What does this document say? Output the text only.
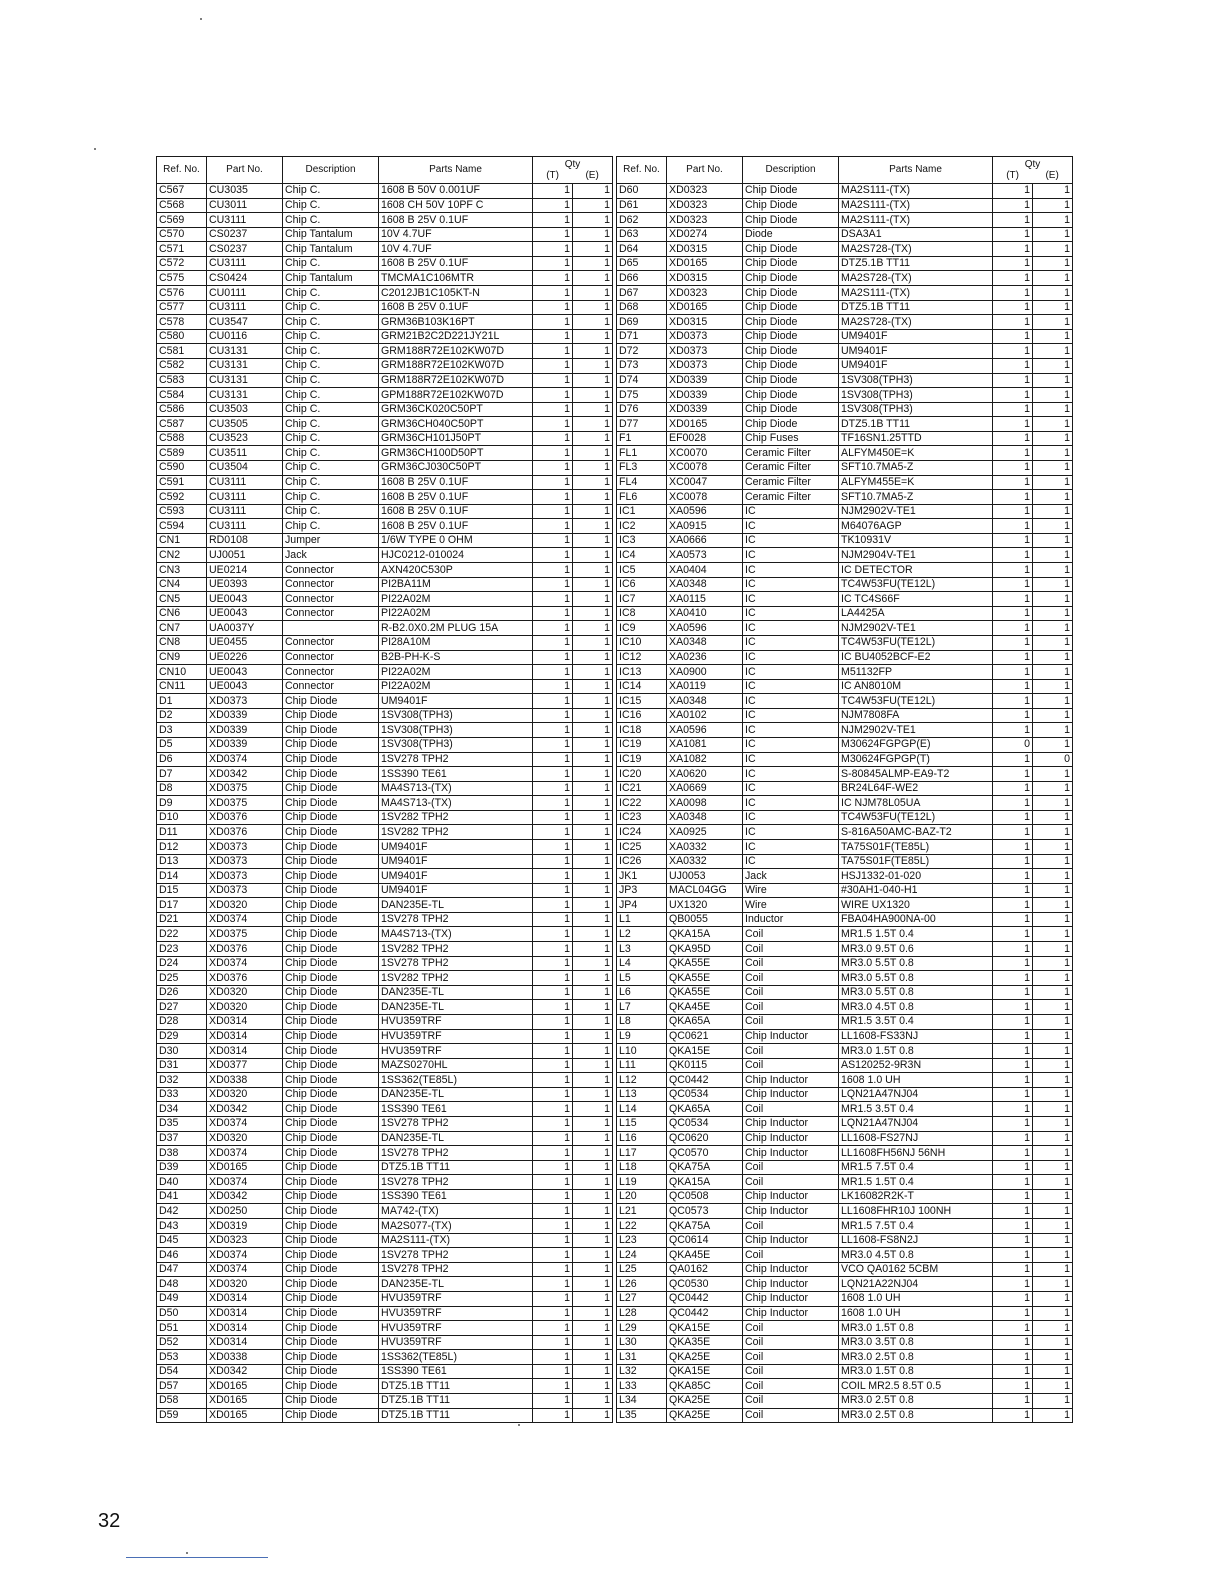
Ref. No.	Part No.	Description	Parts Name	Qty
(T) (E)	

C567	CU3035	Chip C.	1608 B 50V 0.001UF	1	1
C568	CU3011	Chip C.	1608 CH 50V 10PF C	1	1
C569	CU3111	Chip C.	1608 B 25V 0.1UF	1	1
C570	CS0237	Chip Tantalum	10V 4.7UF	1	1
C571	CS0237	Chip Tantalum	10V 4.7UF	1	1
C572	CU3111	Chip C.	1608 B 25V 0.1UF	1	1
C575	CS0424	Chip Tantalum	TMCMA1C106MTR	1	1
C576	CU0111	Chip C.	C2012JB1C105KT-N	1	1
C577	CU3111	Chip C.	1608 B 25V 0.1UF	1	1
C578	CU3547	Chip C.	GRM36B103K16PT	1	1
C580	CU0116	Chip C.	GRM21B2C2D221JY21L	1	1
C581	CU3131	Chip C.	GRM188R72E102KW07D	1	1
C582	CU3131	Chip C.	GRM188R72E102KW07D	1	1
C583	CU3131	Chip C.	GRM188R72E102KW07D	1	1
C584	CU3131	Chip C.	GPM188R72E102KW07D	1	1
C586	CU3503	Chip C.	GRM36CK020C50PT	1	1
C587	CU3505	Chip C.	GRM36CH040C50PT	1	1
C588	CU3523	Chip C.	GRM36CH101J50PT	1	1
C589	CU3511	Chip C.	GRM36CH100D50PT	1	1
C590	CU3504	Chip C.	GRM36CJ030C50PT	1	1
C591	CU3111	Chip C.	1608 B 25V 0.1UF	1	1
C592	CU3111	Chip C.	1608 B 25V 0.1UF	1	1
C593	CU3111	Chip C.	1608 B 25V 0.1UF	1	1
C594	CU3111	Chip C.	1608 B 25V 0.1UF	1	1
CN1	RD0108	Jumper	1/6W TYPE 0 OHM	1	1
CN2	UJ0051	Jack	HJC0212-010024	1	1
CN3	UE0214	Connector	AXN420C530P	1	1
CN4	UE0393	Connector	PI2BA11M	1	1
CN5	UE0043	Connector	PI22A02M	1	1
CN6	UE0043	Connector	PI22A02M	1	1
CN7	UA0037Y		R-B2.0X0.2M PLUG 15A	1	1
CN8	UE0455	Connector	PI28A10M	1	1
CN9	UE0226	Connector	B2B-PH-K-S	1	1
CN10	UE0043	Connector	PI22A02M	1	1
CN11	UE0043	Connector	PI22A02M	1	1
D1	XD0373	Chip Diode	UM9401F	1	1
D2	XD0339	Chip Diode	1SV308(TPH3)	1	1
D3	XD0339	Chip Diode	1SV308(TPH3)	1	1
D5	XD0339	Chip Diode	1SV308(TPH3)	1	1
D6	XD0374	Chip Diode	1SV278 TPH2	1	1
D7	XD0342	Chip Diode	1SS390 TE61	1	1
D8	XD0375	Chip Diode	MA4S713-(TX)	1	1
D9	XD0375	Chip Diode	MA4S713-(TX)	1	1
D10	XD0376	Chip Diode	1SV282 TPH2	1	1
D11	XD0376	Chip Diode	1SV282 TPH2	1	1
D12	XD0373	Chip Diode	UM9401F	1	1
D13	XD0373	Chip Diode	UM9401F	1	1
D14	XD0373	Chip Diode	UM9401F	1	1
D15	XD0373	Chip Diode	UM9401F	1	1
D17	XD0320	Chip Diode	DAN235E-TL	1	1
D21	XD0374	Chip Diode	1SV278 TPH2	1	1
D22	XD0375	Chip Diode	MA4S713-(TX)	1	1
D23	XD0376	Chip Diode	1SV282 TPH2	1	1
D24	XD0374	Chip Diode	1SV278 TPH2	1	1
D25	XD0376	Chip Diode	1SV282 TPH2	1	1
D26	XD0320	Chip Diode	DAN235E-TL	1	1
D27	XD0320	Chip Diode	DAN235E-TL	1	1
D28	XD0314	Chip Diode	HVU359TRF	1	1
D29	XD0314	Chip Diode	HVU359TRF	1	1
D30	XD0314	Chip Diode	HVU359TRF	1	1
D31	XD0377	Chip Diode	MAZS0270HL	1	1
D32	XD0338	Chip Diode	1SS362(TE85L)	1	1
D33	XD0320	Chip Diode	DAN235E-TL	1	1
D34	XD0342	Chip Diode	1SS390 TE61	1	1
D35	XD0374	Chip Diode	1SV278 TPH2	1	1
D37	XD0320	Chip Diode	DAN235E-TL	1	1
D38	XD0374	Chip Diode	1SV278 TPH2	1	1
D39	XD0165	Chip Diode	DTZ5.1B TT11	1	1
D40	XD0374	Chip Diode	1SV278 TPH2	1	1
D41	XD0342	Chip Diode	1SS390 TE61	1	1
D42	XD0250	Chip Diode	MA742-(TX)	1	1
D43	XD0319	Chip Diode	MA2S077-(TX)	1	1
D45	XD0323	Chip Diode	MA2S111-(TX)	1	1
D46	XD0374	Chip Diode	1SV278 TPH2	1	1
D47	XD0374	Chip Diode	1SV278 TPH2	1	1
D48	XD0320	Chip Diode	DAN235E-TL	1	1
D49	XD0314	Chip Diode	HVU359TRF	1	1
D50	XD0314	Chip Diode	HVU359TRF	1	1
D51	XD0314	Chip Diode	HVU359TRF	1	1
D52	XD0314	Chip Diode	HVU359TRF	1	1
D53	XD0338	Chip Diode	1SS362(TE85L)	1	1
D54	XD0342	Chip Diode	1SS390 TE61	1	1
D57	XD0165	Chip Diode	DTZ5.1B TT11	1	1
D58	XD0165	Chip Diode	DTZ5.1B TT11	1	1
D59	XD0165	Chip Diode	DTZ5.1B TT11	1	1
Ref. No.	Part No.	Description	Parts Name	Qty
(T) (E)	

D60	XD0323	Chip Diode	MA2S111-(TX)	1	1
D61	XD0323	Chip Diode	MA2S111-(TX)	1	1
D62	XD0323	Chip Diode	MA2S111-(TX)	1	1
D63	XD0274	Diode	DSA3A1	1	1
D64	XD0315	Chip Diode	MA2S728-(TX)	1	1
D65	XD0165	Chip Diode	DTZ5.1B TT11	1	1
D66	XD0315	Chip Diode	MA2S728-(TX)	1	1
D67	XD0323	Chip Diode	MA2S111-(TX)	1	1
D68	XD0165	Chip Diode	DTZ5.1B TT11	1	1
D69	XD0315	Chip Diode	MA2S728-(TX)	1	1
D71	XD0373	Chip Diode	UM9401F	1	1
D72	XD0373	Chip Diode	UM9401F	1	1
D73	XD0373	Chip Diode	UM9401F	1	1
D74	XD0339	Chip Diode	1SV308(TPH3)	1	1
D75	XD0339	Chip Diode	1SV308(TPH3)	1	1
D76	XD0339	Chip Diode	1SV308(TPH3)	1	1
D77	XD0165	Chip Diode	DTZ5.1B TT11	1	1
F1	EF0028	Chip Fuses	TF16SN1.25TTD	1	1
FL1	XC0070	Ceramic Filter	ALFYM450E=K	1	1
FL3	XC0078	Ceramic Filter	SFT10.7MA5-Z	1	1
FL4	XC0047	Ceramic Filter	ALFYM455E=K	1	1
FL6	XC0078	Ceramic Filter	SFT10.7MA5-Z	1	1
IC1	XA0596	IC	NJM2902V-TE1	1	1
IC2	XA0915	IC	M64076AGP	1	1
IC3	XA0666	IC	TK10931V	1	1
IC4	XA0573	IC	NJM2904V-TE1	1	1
IC5	XA0404	IC	IC DETECTOR	1	1
IC6	XA0348	IC	TC4W53FU(TE12L)	1	1
IC7	XA0115	IC	IC TC4S66F	1	1
IC8	XA0410	IC	LA4425A	1	1
IC9	XA0596	IC	NJM2902V-TE1	1	1
IC10	XA0348	IC	TC4W53FU(TE12L)	1	1
IC12	XA0236	IC	IC BU4052BCF-E2	1	1
IC13	XA0900	IC	M51132FP	1	1
IC14	XA0119	IC	IC AN8010M	1	1
IC15	XA0348	IC	TC4W53FU(TE12L)	1	1
IC16	XA0102	IC	NJM7808FA	1	1
IC18	XA0596	IC	NJM2902V-TE1	1	1
IC19	XA1081	IC	M30624FGPGP(E)	0	1
IC19	XA1082	IC	M30624FGPGP(T)	1	0
IC20	XA0620	IC	S-80845ALMP-EA9-T2	1	1
IC21	XA0669	IC	BR24L64F-WE2	1	1
IC22	XA0098	IC	IC NJM78L05UA	1	1
IC23	XA0348	IC	TC4W53FU(TE12L)	1	1
IC24	XA0925	IC	S-816A50AMC-BAZ-T2	1	1
IC25	XA0332	IC	TA75S01F(TE85L)	1	1
IC26	XA0332	IC	TA75S01F(TE85L)	1	1
JK1	UJ0053	Jack	HSJ1332-01-020	1	1
JP3	MACL04GG	Wire	#30AH1-040-H1	1	1
JP4	UX1320	Wire	WIRE UX1320	1	1
L1	QB0055	Inductor	FBA04HA900NA-00	1	1
L2	QKA15A	Coil	MR1.5 1.5T 0.4	1	1
L3	QKA95D	Coil	MR3.0 9.5T 0.6	1	1
L4	QKA55E	Coil	MR3.0 5.5T 0.8	1	1
L5	QKA55E	Coil	MR3.0 5.5T 0.8	1	1
L6	QKA55E	Coil	MR3.0 5.5T 0.8	1	1
L7	QKA45E	Coil	MR3.0 4.5T 0.8	1	1
L8	QKA65A	Coil	MR1.5 3.5T 0.4	1	1
L9	QC0621	Chip Inductor	LL1608-FS33NJ	1	1
L10	QKA15E	Coil	MR3.0 1.5T 0.8	1	1
L11	QK0115	Coil	AS120252-9R3N	1	1
L12	QC0442	Chip Inductor	1608 1.0 UH	1	1
L13	QC0534	Chip Inductor	LQN21A47NJ04	1	1
L14	QKA65A	Coil	MR1.5 3.5T 0.4	1	1
L15	QC0534	Chip Inductor	LQN21A47NJ04	1	1
L16	QC0620	Chip Inductor	LL1608-FS27NJ	1	1
L17	QC0570	Chip Inductor	LL1608FH56NJ 56NH	1	1
L18	QKA75A	Coil	MR1.5 7.5T 0.4	1	1
L19	QKA15A	Coil	MR1.5 1.5T 0.4	1	1
L20	QC0508	Chip Inductor	LK16082R2K-T	1	1
L21	QC0573	Chip Inductor	LL1608FHR10J 100NH	1	1
L22	QKA75A	Coil	MR1.5 7.5T 0.4	1	1
L23	QC0614	Chip Inductor	LL1608-FS8N2J	1	1
L24	QKA45E	Coil	MR3.0 4.5T 0.8	1	1
L25	QA0162	Chip Inductor	VCO QA0162 5CBM	1	1
L26	QC0530	Chip Inductor	LQN21A22NJ04	1	1
L27	QC0442	Chip Inductor	1608 1.0 UH	1	1
L28	QC0442	Chip Inductor	1608 1.0 UH	1	1
L29	QKA15E	Coil	MR3.0 1.5T 0.8	1	1
L30	QKA35E	Coil	MR3.0 3.5T 0.8	1	1
L31	QKA25E	Coil	MR3.0 2.5T 0.8	1	1
L32	QKA15E	Coil	MR3.0 1.5T 0.8	1	1
L33	QKA85C	Coil	COIL MR2.5 8.5T 0.5	1	1
L34	QKA25E	Coil	MR3.0 2.5T 0.8	1	1
L35	QKA25E	Coil	MR3.0 2.5T 0.8	1	1
32
